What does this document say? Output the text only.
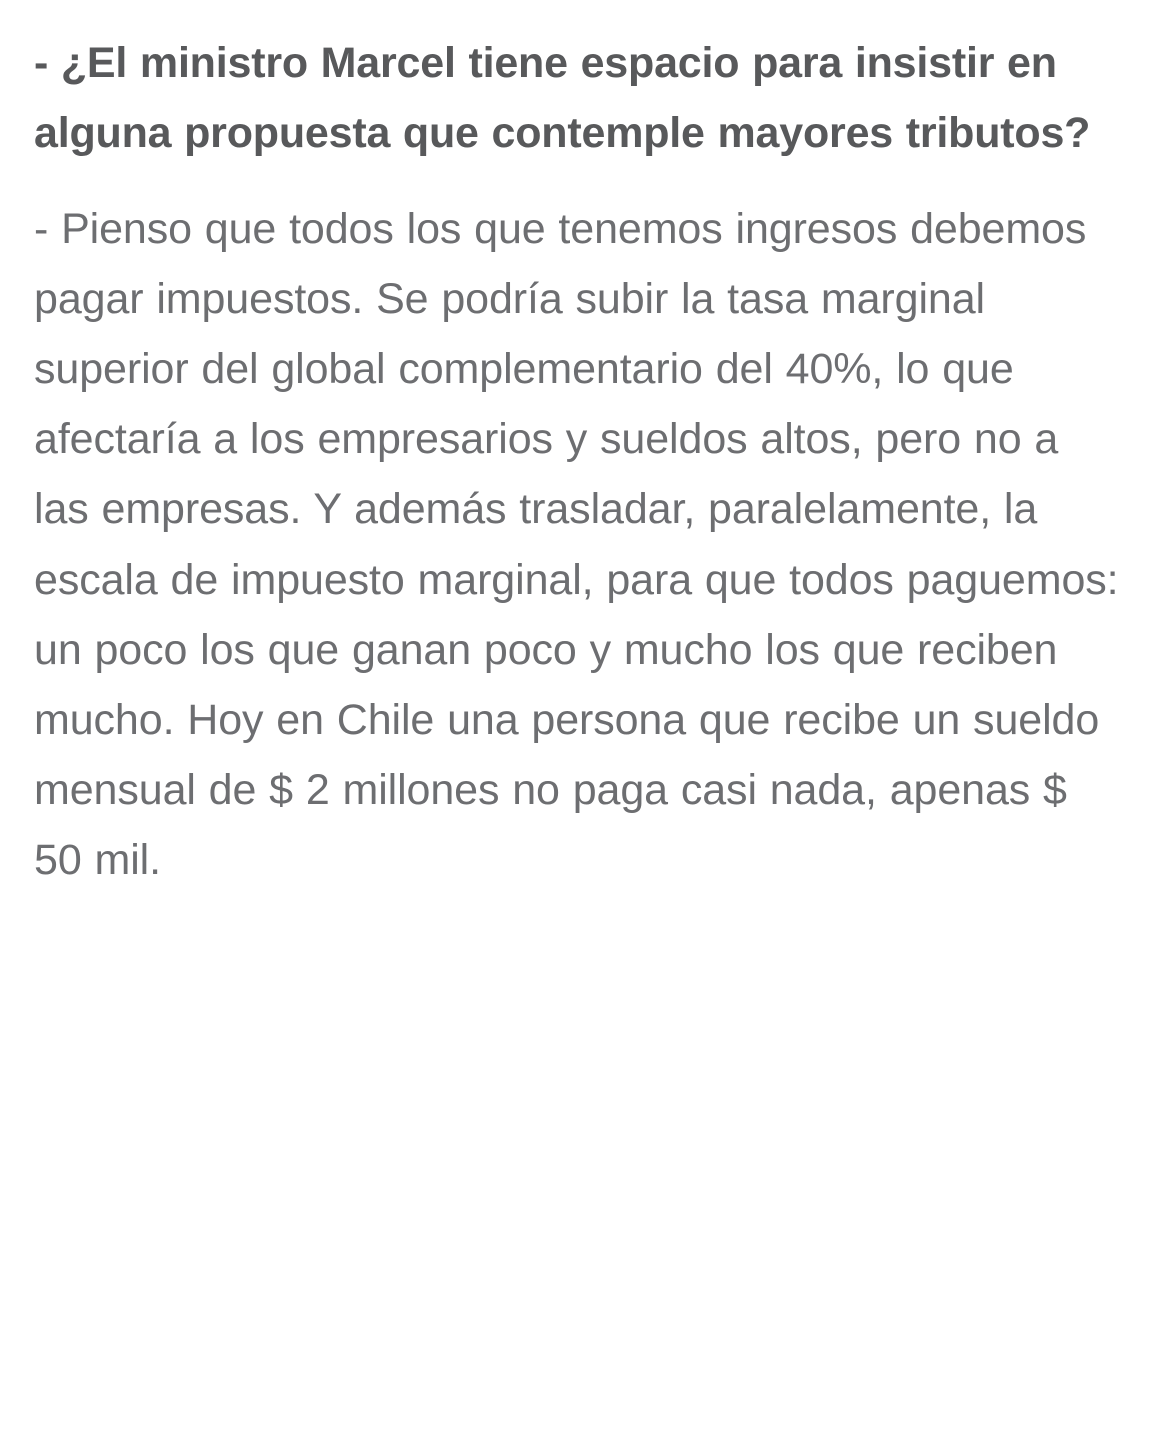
- ¿El ministro Marcel tiene espacio para insistir en alguna propuesta que contemple mayores tributos?

- Pienso que todos los que tenemos ingresos debemos pagar impuestos. Se podría subir la tasa marginal superior del global complementario del 40%, lo que afectaría a los empresarios y sueldos altos, pero no a las empresas. Y además trasladar, paralelamente, la escala de impuesto marginal, para que todos paguemos: un poco los que ganan poco y mucho los que reciben mucho. Hoy en Chile una persona que recibe un sueldo mensual de $ 2 millones no paga casi nada, apenas $ 50 mil.
